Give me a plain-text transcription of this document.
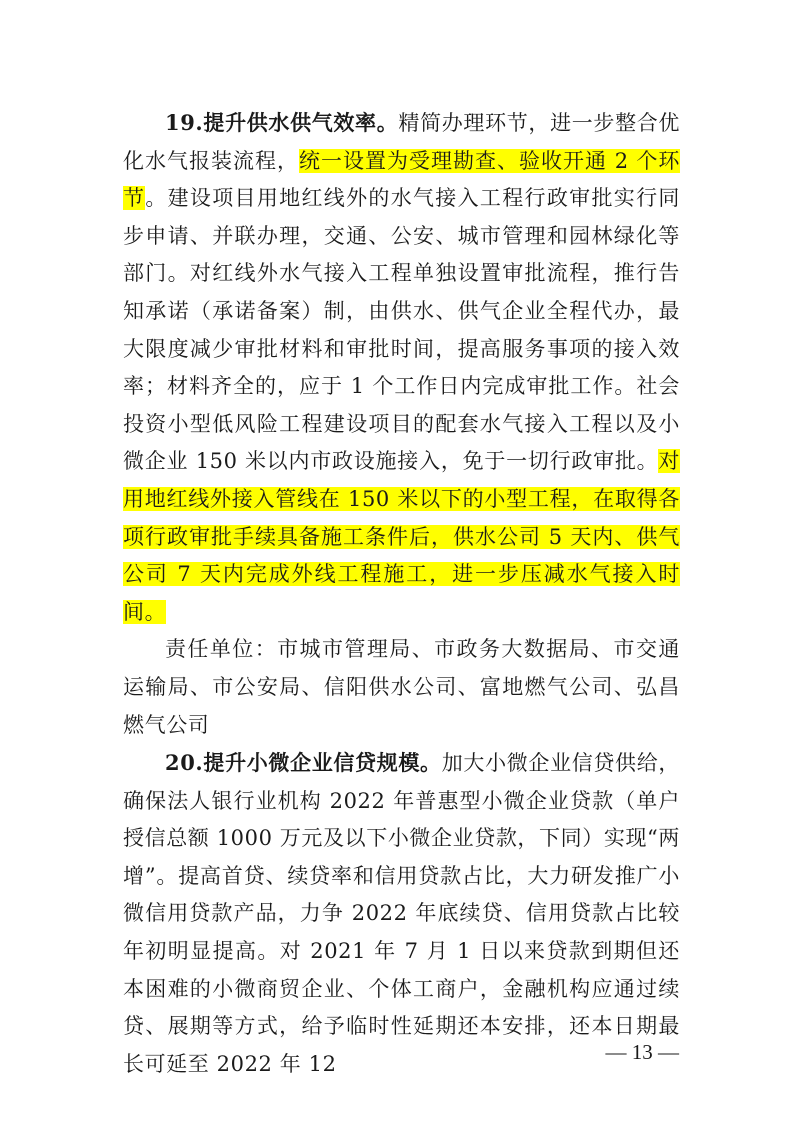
19.提升供水供气效率。精简办理环节，进一步整合优化水气报装流程，统一设置为受理勘查、验收开通 2 个环节。建设项目用地红线外的水气接入工程行政审批实行同步申请、并联办理，交通、公安、城市管理和园林绿化等部门。对红线外水气接入工程单独设置审批流程，推行告知承诺（承诺备案）制，由供水、供气企业全程代办，最大限度减少审批材料和审批时间，提高服务事项的接入效率；材料齐全的，应于 1 个工作日内完成审批工作。社会投资小型低风险工程建设项目的配套水气接入工程以及小微企业 150 米以内市政设施接入，免于一切行政审批。对用地红线外接入管线在 150 米以下的小型工程，在取得各项行政审批手续具备施工条件后，供水公司 5 天内、供气公司 7 天内完成外线工程施工，进一步压减水气接入时间。

责任单位：市城市管理局、市政务大数据局、市交通运输局、市公安局、信阳供水公司、富地燃气公司、弘昌燃气公司

20.提升小微企业信贷规模。加大小微企业信贷供给，确保法人银行业机构 2022 年普惠型小微企业贷款（单户授信总额 1000 万元及以下小微企业贷款，下同）实现“两增”。提高首贷、续贷率和信用贷款占比，大力研发推广小微信用贷款产品，力争 2022 年底续贷、信用贷款占比较年初明显提高。对 2021 年 7 月 1 日以来贷款到期但还本困难的小微商贸企业、个体工商户，金融机构应通过续贷、展期等方式，给予临时性延期还本安排，还本日期最长可延至 2022 年 12	— 13 —
